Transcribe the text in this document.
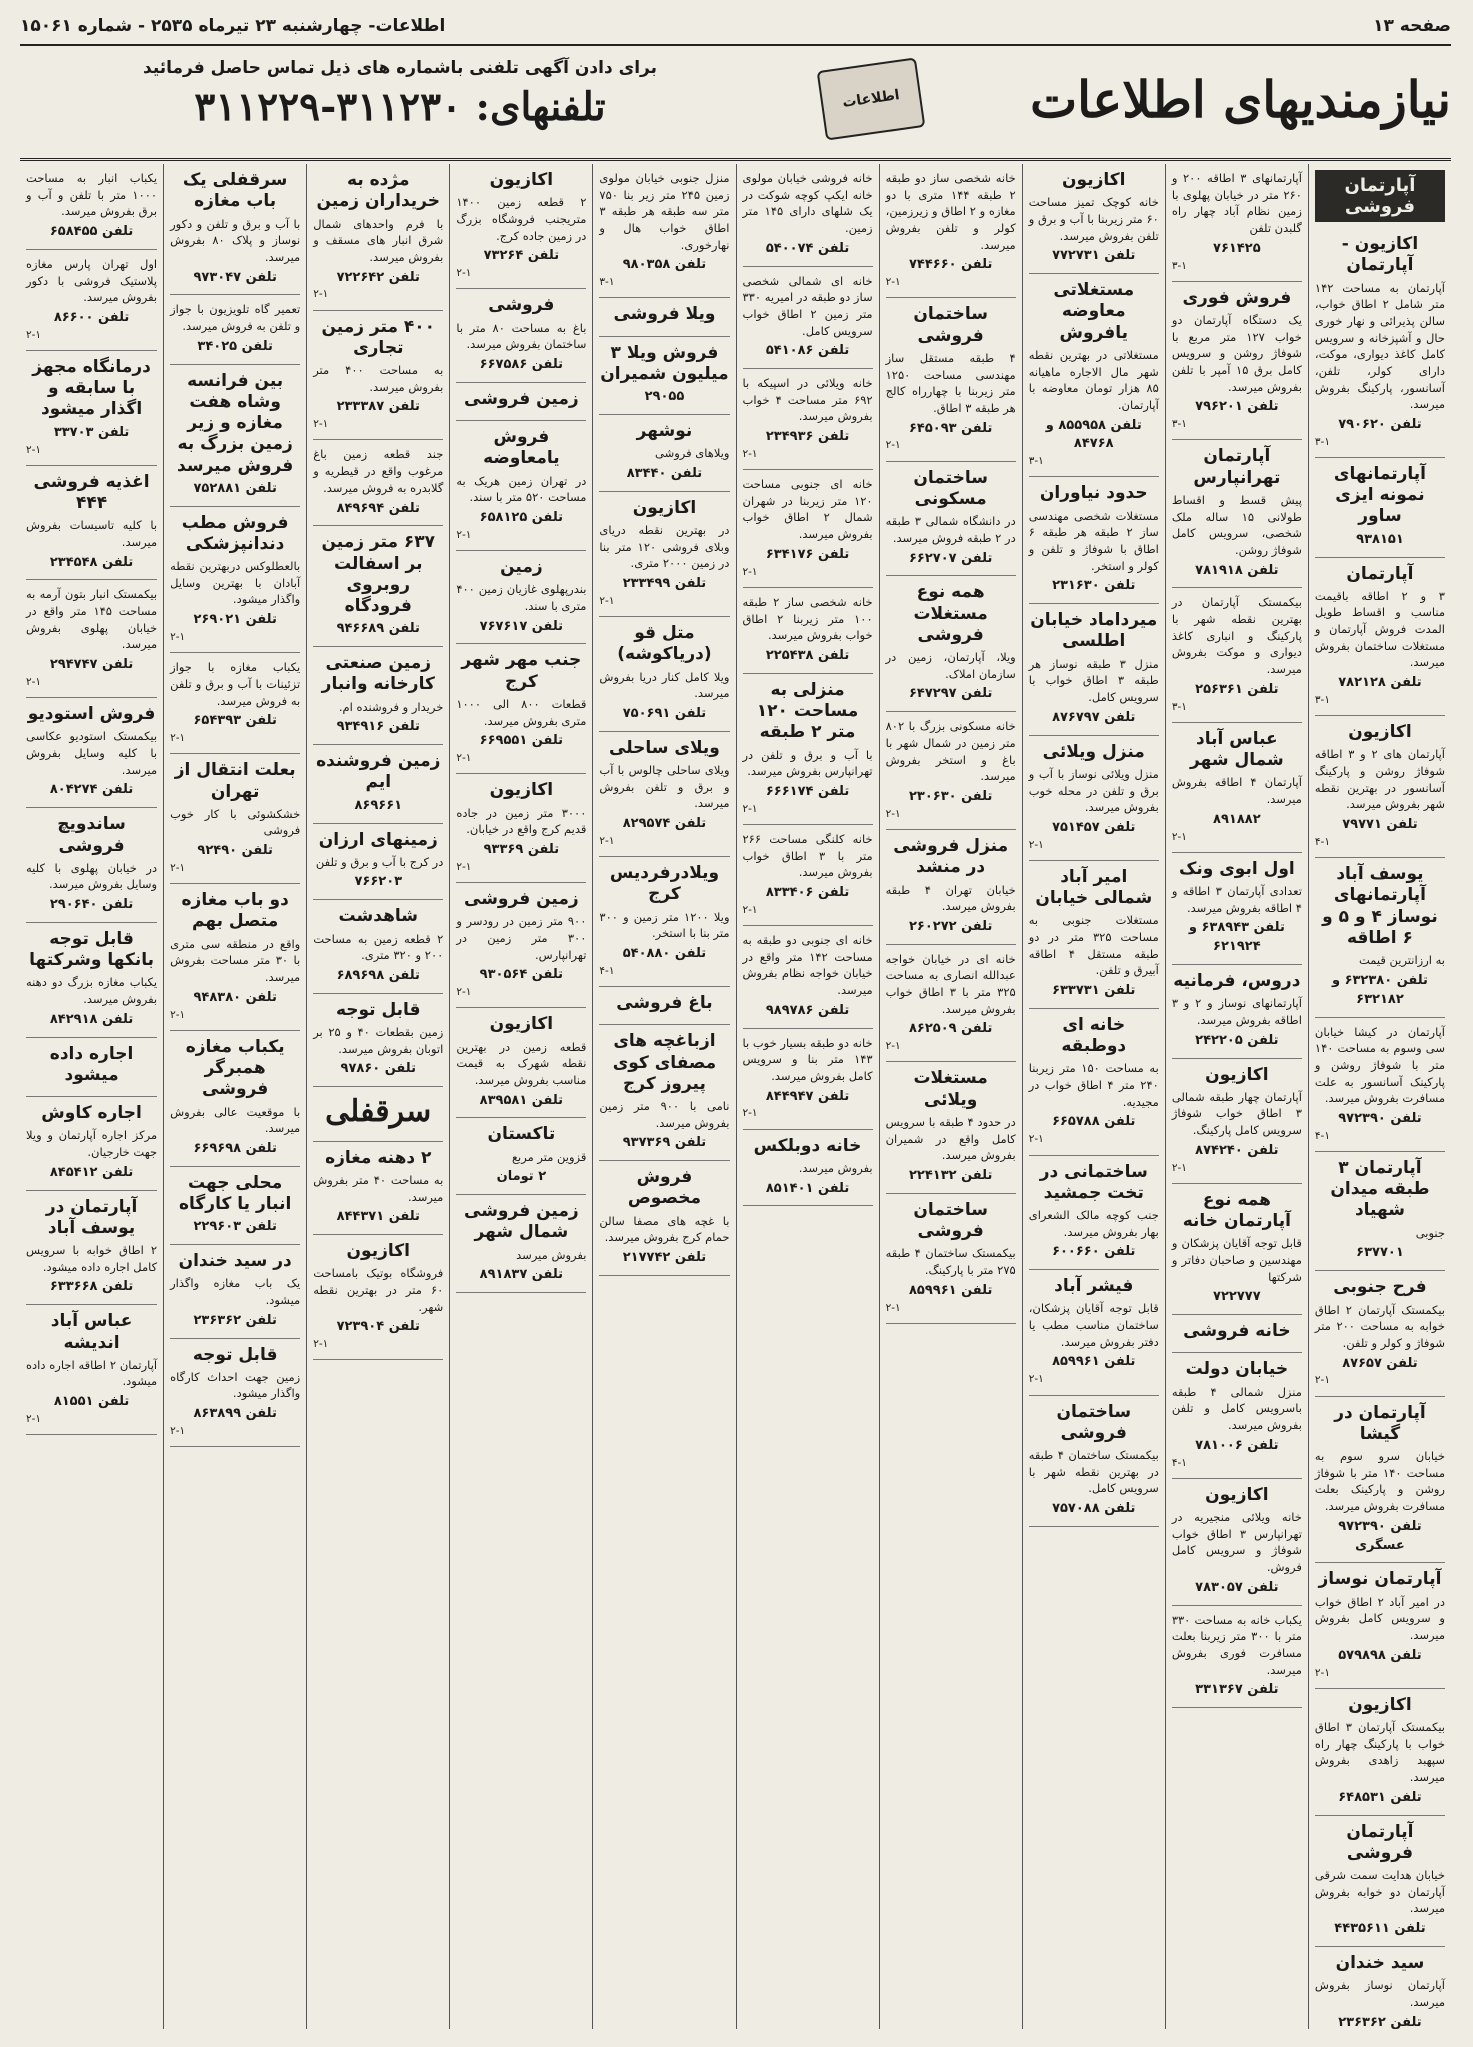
صفحه ۱۳
اطلاعات- چهارشنبه ۲۳ تیرماه ۲۵۳۵ - شماره ۱۵۰۶۱
نیازمندیهای اطلاعات
اطلاعات
برای دادن آگهی تلفنی باشماره های ذیل تماس حاصل فرمائید
تلفنهای: ۳۱۱۲۳۰-۳۱۱۲۲۹
آپارتمان فروشی
اکازیون - آپارتمان
آپارتمان به مساحت ۱۴۲ متر شامل ۲ اطاق خواب، سالن پذیرائی و نهار خوری حال و آشپزخانه و سرویس کامل کاغذ دیواری، موکت، دارای کولر، تلفن، آسانسور، پارکینگ بفروش میرسد.
تلفن ۷۹۰۶۲۰
۳-۱
آپارتمانهای نمونه ایزی ساور
۹۳۸۱۵۱
آپارتمان
۳ و ۲ اطاقه باقیمت مناسب و اقساط طویل المدت فروش آپارتمان و مستغلات ساختمان بفروش میرسد.
تلفن ۷۸۲۱۲۸
۳-۱
اکازیون
آپارتمان های ۲ و ۳ اطاقه شوفاژ روشن و پارکینگ آسانسور در بهترین نقطه شهر بفروش میرسد.
تلفن ۷۹۷۷۱
۴-۱
یوسف آباد آپارتمانهای نوساز ۴ و ۵ و ۶ اطاقه
به ارزانترین قیمت
تلفن ۶۳۲۳۸۰ و ۶۳۲۱۸۲
آپارتمان در کیشا خیابان سی وسوم به مساحت ۱۴۰ متر با شوفاژ روشن و پارکینک آسانسور به علت مسافرت بفروش میرسد.
تلفن ۹۷۲۳۹۰
۴-۱
آپارتمان ۳ طبقه میدان شهیاد
جنوبی
۶۳۷۷۰۱
فرح جنوبی
بیکمستک آپارتمان ۲ اطاق خوابه به مساحت ۲۰۰ متر شوفاژ و کولر و تلفن.
تلفن ۸۷۶۵۷
۲-۱
آپارتمان در گیشا
خیابان سرو سوم به مساحت ۱۴۰ متر با شوفاژ روشن و پارکینک بعلت مسافرت بفروش میرسد.
تلفن ۹۷۲۳۹۰ عسگری
آپارتمان نوساز
در امیر آباد ۲ اطاق خواب و سرویس کامل بفروش میرسد.
تلفن ۵۷۹۸۹۸
۲-۱
اکازیون
بیکمستک آپارتمان ۳ اطاق خواب با پارکینگ چهار راه سپهبد زاهدی بفروش میرسد.
تلفن ۶۴۸۵۳۱
آپارتمان فروشی
خیابان هدایت سمت شرقی آپارتمان دو خوابه بفروش میرسد.
تلفن ۴۴۳۵۶۱۱
سید خندان
آپارتمان نوساز بفروش میرسد.
تلفن ۲۳۶۳۶۲
آپارتمانهای ۳ اطاقه ۲۰۰ و ۲۶۰ متر در خیابان پهلوی با زمین نظام آباد چهار راه گلبدن تلفن
۷۶۱۴۲۵
۳-۱
فروش فوری
یک دستگاه آپارتمان دو خواب ۱۲۷ متر مربع با شوفاژ روشن و سرویس کامل برق ۱۵ آمپر با تلفن بفروش میرسد.
تلفن ۷۹۶۲۰۱
۳-۱
آپارتمان تهرانپارس
پیش قسط و اقساط طولانی ۱۵ ساله ملک شخصی، سرویس کامل شوفاژ روشن.
تلفن ۷۸۱۹۱۸
بیکمستک آپارتمان در بهترین نقطه شهر با پارکینگ و انباری کاغذ دیواری و موکت بفروش میرسد.
تلفن ۲۵۶۳۶۱
۳-۱
عباس آباد شمال شهر
آپارتمان ۴ اطاقه بفروش میرسد.
۸۹۱۸۸۲
۲-۱
اول ابوی ونک
تعدادی آپارتمان ۳ اطاقه و ۴ اطاقه بفروش میرسد.
تلفن ۶۳۸۹۴۳ و ۶۲۱۹۲۴
دروس، فرمانیه
آپارتمانهای نوساز و ۲ و ۳ اطاقه بفروش میرسد.
تلفن ۲۴۲۲۰۵
اکازیون
آپارتمان چهار طبقه شمالی ۳ اطاق خواب شوفاژ سرویس کامل پارکینگ.
تلفن ۸۷۴۲۴۰
۲-۱
همه نوع آپارتمان خانه
قابل توجه آقایان پزشکان و مهندسین و صاحبان دفاتر و شرکتها
۷۲۲۷۷۷
خانه فروشی
خیابان دولت
منزل شمالی ۴ طبقه باسرویس کامل و تلفن بفروش میرسد.
تلفن ۷۸۱۰۰۶
۴-۱
اکازیون
خانه ویلائی منجیریه در تهرانپارس ۳ اطاق خواب شوفاژ و سرویس کامل فروش.
تلفن ۷۸۳۰۵۷
یکباب خانه به مساحت ۳۳۰ متر با ۳۰۰ متر زیربنا بعلت مسافرت فوری بفروش میرسد.
تلفن ۳۳۱۳۶۷
اکازیون
خانه کوچک تمیز مساحت ۶۰ متر زیربنا با آب و برق و تلفن بفروش میرسد.
تلفن ۷۷۲۷۳۱
مستغلاتی معاوضه یافروش
مستغلاتی در بهترین نقطه شهر مال الاجاره ماهیانه ۸۵ هزار تومان معاوضه با آپارتمان.
تلفن ۸۵۵۹۵۸ و ۸۴۷۶۸
۳-۱
حدود نیاوران
مستغلات شخصی مهندسی ساز ۲ طبقه هر طبقه ۶ اطاق با شوفاژ و تلفن و کولر و استخر.
تلفن ۲۳۱۶۳۰
میرداماد خیابان اطلسی
منزل ۳ طبقه نوساز هر طبقه ۳ اطاق خواب با سرویس کامل.
تلفن ۸۷۶۷۹۷
منزل ویلائی
منزل ویلائی نوساز با آب و برق و تلفن در محله خوب بفروش میرسد.
تلفن ۷۵۱۴۵۷
۲-۱
امیر آباد شمالی خیابان
مستغلات جنوبی به مساحت ۳۲۵ متر در دو طبقه مستقل ۴ اطاقه آبیرق و تلفن.
تلفن ۶۳۳۷۳۱
خانه ای دوطبقه
به مساحت ۱۵۰ متر زیربنا ۲۴۰ متر ۴ اطاق خواب در مجیدیه.
تلفن ۶۶۵۷۸۸
۲-۱
ساختمانی در تخت جمشید
جنب کوچه مالک الشعرای بهار بفروش میرسد.
تلفن ۶۰۰۶۶۰
فیشر آباد
قابل توجه آقایان پزشکان، ساختمان مناسب مطب یا دفتر بفروش میرسد.
تلفن ۸۵۹۹۶۱
۲-۱
ساختمان فروشی
بیکمستک ساختمان ۴ طبقه در بهترین نقطه شهر با سرویس کامل.
تلفن ۷۵۷۰۸۸
خانه شخصی ساز دو طبقه ۲ طبقه ۱۴۴ متری با دو مغازه و ۲ اطاق و زیرزمین، کولر و تلفن بفروش میرسد.
تلفن ۷۴۴۶۶۰
۲-۱
ساختمان فروشی
۴ طبقه مستقل ساز مهندسی مساحت ۱۲۵۰ متر زیربنا با چهارراه کالج هر طبقه ۳ اطاق.
تلفن ۶۴۵۰۹۳
۲-۱
ساختمان مسکونی
در دانشگاه شمالی ۳ طبقه در ۲ طبقه فروش میرسد.
تلفن ۶۶۲۷۰۷
همه نوع مستغلات فروشی
ویلا، آپارتمان، زمین در سازمان املاک.
تلفن ۶۴۷۲۹۷
خانه مسکونی بزرگ با ۸۰۲ متر زمین در شمال شهر با باغ و استخر بفروش میرسد.
تلفن ۲۳۰۶۳۰
۲-۱
منزل فروشی در منشد
خیابان تهران ۴ طبقه بفروش میرسد.
تلفن ۲۶۰۲۷۲
خانه ای در خیابان خواجه عبدالله انصاری به مساحت ۳۲۵ متر با ۳ اطاق خواب بفروش میرسد.
تلفن ۸۶۲۵۰۹
۲-۱
مستغلات ویلائی
در حدود ۴ طبقه با سرویس کامل واقع در شمیران بفروش میرسد.
تلفن ۲۲۴۱۳۲
ساختمان فروشی
بیکمستک ساختمان ۴ طبقه ۲۷۵ متر با پارکینگ.
تلفن ۸۵۹۹۶۱
۲-۱
خانه فروشی خیابان مولوی خانه ایکپ کوچه شوکت در یک شلهای دارای ۱۴۵ متر زمین.
تلفن ۵۴۰۰۷۴
خانه ای شمالی شخصی ساز دو طبقه در امیریه ۳۳۰ متر زمین ۲ اطاق خواب سرویس کامل.
تلفن ۵۴۱۰۸۶
خانه ویلائی در اسپیکه با ۶۹۲ متر مساحت ۴ خواب بفروش میرسد.
تلفن ۲۳۴۹۳۶
۲-۱
خانه ای جنوبی مساحت ۱۲۰ متر زیربنا در شهران شمال ۲ اطاق خواب بفروش میرسد.
تلفن ۶۳۴۱۷۶
۲-۱
خانه شخصی ساز ۲ طبقه ۱۰۰ متر زیربنا ۲ اطاق خواب بفروش میرسد.
تلفن ۲۲۵۴۳۸
منزلی به مساحت ۱۲۰ متر ۲ طبقه
با آب و برق و تلفن در تهرانپارس بفروش میرسد.
تلفن ۶۶۶۱۷۴
۲-۱
خانه کلنگی مساحت ۲۶۶ متر با ۳ اطاق خواب بفروش میرسد.
تلفن ۸۳۳۴۰۶
۲-۱
خانه ای جنوبی دو طبقه به مساحت ۱۴۲ متر واقع در خیابان خواجه نظام بفروش میرسد.
تلفن ۹۸۹۷۸۶
خانه دو طبقه بسیار خوب با ۱۴۳ متر بنا و سرویس کامل بفروش میرسد.
تلفن ۸۴۴۹۴۷
۲-۱
خانه دوبلکس
بفروش میرسد.
تلفن ۸۵۱۴۰۱
منزل جنوبی خیابان مولوی زمین ۲۴۵ متر زیر بنا ۷۵۰ متر سه طبقه هر طبقه ۳ اطاق خواب هال و نهارخوری.
تلفن ۹۸۰۳۵۸
۳-۱
ویلا فروشی
فروش ویلا ۳ میلیون شمیران
۲۹۰۵۵
نوشهر
ویلاهای فروشی
تلفن ۸۳۴۴۰
اکازیون
در بهترین نقطه دریای وبلای فروشی ۱۲۰ متر بنا در زمین ۲۰۰۰ متری.
تلفن ۲۳۳۴۹۹
۲-۱
متل قو (دریاکوشه)
ویلا کامل کنار دریا بفروش میرسد.
تلفن ۷۵۰۶۹۱
ویلای ساحلی
ویلای ساحلی چالوس با آب و برق و تلفن بفروش میرسد.
تلفن ۸۲۹۵۷۴
۲-۱
ویلادرفردیس کرج
ویلا ۱۲۰۰ متر زمین و ۳۰۰ متر بنا با استخر.
تلفن ۵۴۰۸۸۰
۴-۱
باغ فروشی
ازباغچه های مصفای کوی پیروز کرج
نامی با ۹۰۰ متر زمین بفروش میرسد.
تلفن ۹۳۷۳۶۹
فروش مخصوص
با غچه های مصفا سالن حمام کرج بفروش میرسد.
تلفن ۲۱۷۷۴۲
اکازیون
۲ قطعه زمین ۱۴۰۰ متریجنب فروشگاه بزرگ در زمین جاده کرج.
تلفن ۷۳۲۶۴
۲-۱
فروشی
باغ به مساحت ۸۰ متر با ساختمان بفروش میرسد.
تلفن ۶۶۷۵۸۶
زمین فروشی
فروش یامعاوضه
در تهران زمین هریک به مساحت ۵۲۰ متر با سند.
تلفن ۶۵۸۱۲۵
۲-۱
زمین
بندرپهلوی غازیان زمین ۴۰۰ متری با سند.
تلفن ۷۶۷۶۱۷
جنب مهر شهر کرج
قطعات ۸۰۰ الی ۱۰۰۰ متری بفروش میرسد.
تلفن ۶۶۹۵۵۱
۲-۱
اکازیون
۳۰۰۰ متر زمین در جاده قدیم کرج واقع در خیابان.
تلفن ۹۳۳۶۹
۲-۱
زمین فروشی
۹۰۰ متر زمین در رودسر و ۳۰۰ متر زمین در تهرانپارس.
تلفن ۹۳۰۵۶۴
۲-۱
اکازیون
قطعه زمین در بهترین نقطه شهرک به قیمت مناسب بفروش میرسد.
تلفن ۸۳۹۵۸۱
تاکستان
قزوین متر مربع
۲ تومان
زمین فروشی شمال شهر
بفروش میرسد
تلفن ۸۹۱۸۳۷
مژده به خریداران زمین
با فرم واحدهای شمال شرق انبار های مسقف و بفروش میرسد.
تلفن ۷۲۲۶۴۲
۲-۱
۴۰۰ متر زمین تجاری
به مساحت ۴۰۰ متر بفروش میرسد.
تلفن ۲۳۳۳۸۷
۲-۱
جند قطعه زمین باغ مرغوب واقع در قیطریه و گلابدره به فروش میرسد.
تلفن ۸۴۹۶۹۴
۶۳۷ متر زمین بر اسفالت روبروی فرودگاه
تلفن ۹۴۶۶۸۹
زمین صنعتی کارخانه وانبار
خریدار و فروشنده ام.
تلفن ۹۳۴۹۱۶
زمین فروشنده ایم
۸۶۹۶۶۱
زمینهای ارزان
در کرج با آب و برق و تلفن
۷۶۶۲۰۳
شاهدشت
۲ قطعه زمین به مساحت ۲۰۰ و ۳۲۰ متری.
تلفن ۶۸۹۶۹۸
قابل توجه
زمین بقطعات ۴۰ و ۲۵ بر اتوبان بفروش میرسد.
تلفن ۹۷۸۶۰
سرقفلی
۲ دهنه مغازه
به مساحت ۴۰ متر بفروش میرسد.
تلفن ۸۴۴۳۷۱
اکازیون
فروشگاه بوتیک بامساحت ۶۰ متر در بهترین نقطه شهر.
تلفن ۷۲۳۹۰۴
۲-۱
سرقفلی یک باب مغازه
با آب و برق و تلفن و دکور نوساز و پلاک ۸۰ بفروش میرسد.
تلفن ۹۷۳۰۴۷
تعمیر گاه تلویزیون با جواز و تلفن به فروش میرسد.
تلفن ۳۴۰۲۵
بین فرانسه وشاه هفت مغازه و زیر زمین بزرگ به فروش میرسد
تلفن ۷۵۲۸۸۱
فروش مطب دندانپزشکی
بالعطلوکس دربهترین نقطه آبادان با بهترین وسایل واگذار میشود.
تلفن ۲۶۹۰۲۱
۲-۱
یکباب مغازه با جواز تزئینات با آب و برق و تلفن به فروش میرسد.
تلفن ۶۵۴۳۹۳
۲-۱
بعلت انتقال از تهران
خشکشوئی با کار خوب فروشی
تلفن ۹۲۴۹۰
۲-۱
دو باب مغازه متصل بهم
واقع در منطقه سی متری با ۳۰ متر مساحت بفروش میرسد.
تلفن ۹۴۸۳۸۰
۲-۱
یکباب مغازه همبرگر فروشی
با موقعیت عالی بفروش میرسد.
تلفن ۶۶۹۶۹۸
محلی جهت انبار یا کارگاه
تلفن ۲۲۹۶۰۳
در سید خندان
یک باب مغازه واگذار میشود.
تلفن ۲۳۶۳۶۲
قابل توجه
زمین جهت احداث کارگاه واگذار میشود.
تلفن ۸۶۳۸۹۹
۲-۱
یکباب انبار به مساحت ۱۰۰۰ متر با تلفن و آب و برق بفروش میرسد.
تلفن ۶۵۸۴۵۵
اول تهران پارس مغازه پلاستیک فروشی با دکور بفروش میرسد.
تلفن ۸۶۶۰۰
۲-۱
درمانگاه مجهز با سابقه و اگذار میشود
تلفن ۳۳۷۰۳
۲-۱
اغذیه فروشی ۴۴۴
با کلیه تاسیسات بفروش میرسد.
تلفن ۲۳۴۵۴۸
بیکمستک انبار بتون آرمه به مساحت ۱۴۵ متر واقع در خیابان پهلوی بفروش میرسد.
تلفن ۲۹۴۷۴۷
۲-۱
فروش استودیو
بیکمستک استودیو عکاسی با کلیه وسایل بفروش میرسد.
تلفن ۸۰۴۲۷۴
ساندویچ فروشی
در خیابان پهلوی با کلیه وسایل بفروش میرسد.
تلفن ۲۹۰۶۴۰
قابل توجه بانکها وشرکتها
یکباب مغازه بزرگ دو دهنه بفروش میرسد.
تلفن ۸۴۲۹۱۸
اجاره داده میشود
اجاره کاوش
مرکز اجاره آپارتمان و ویلا جهت خارجیان.
تلفن ۸۴۵۴۱۲
آپارتمان در یوسف آباد
۲ اطاق خوابه با سرویس کامل اجاره داده میشود.
تلفن ۶۳۳۶۶۸
عباس آباد اندیشه
آپارتمان ۲ اطاقه اجاره داده میشود.
تلفن ۸۱۵۵۱
۲-۱
